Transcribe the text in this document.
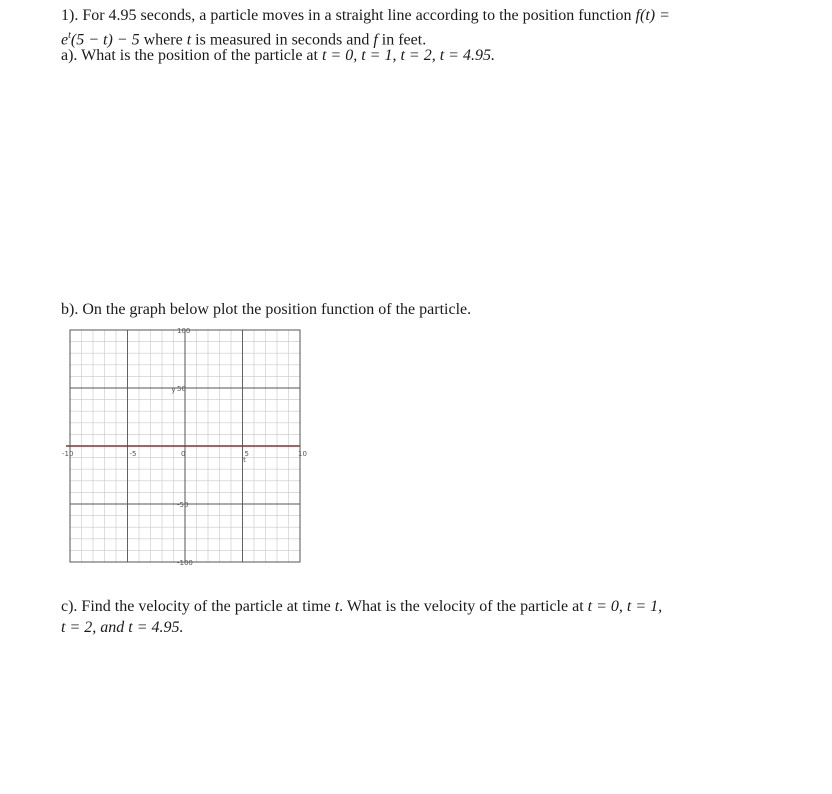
1). For 4.95 seconds, a particle moves in a straight line according to the position function f(t) =
$e^t(5 - t) - 5$ where t is measured in seconds and f in feet.
a). What is the position of the particle at t = 0, t = 1, t = 2, t = 4.95.
b). On the graph below plot the position function of the particle.
-10	-5	0	5	10
100
50
-50
-100
y
t
c). Find the velocity of the particle at time t. What is the velocity of the particle at t = 0, t = 1,
t = 2, and t = 4.95.
